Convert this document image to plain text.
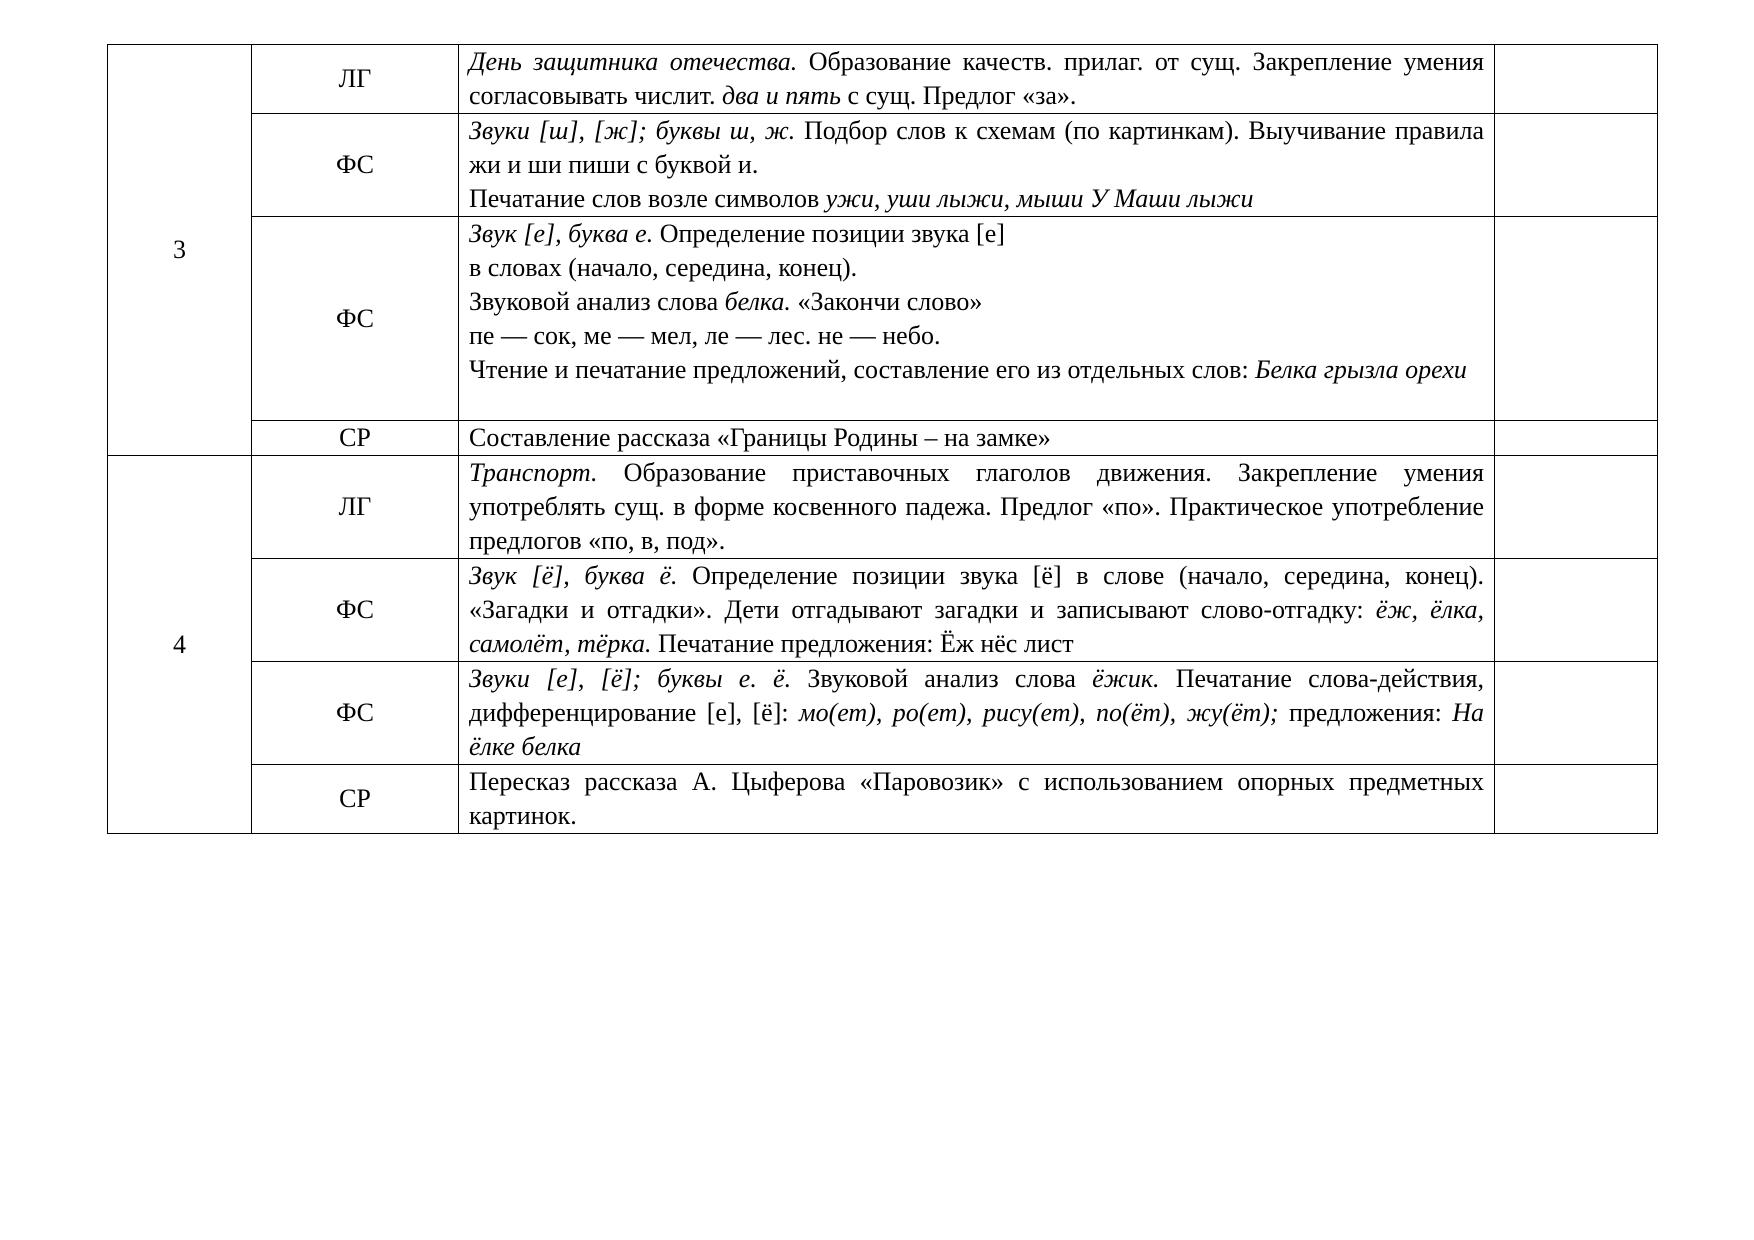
3	ЛГ	День защитника отечества. Образование качеств. прилаг. от сущ. Закрепление умения согласовывать числит. два и пять с сущ. Предлог «за».	

	ФС	Звуки [ш], [ж]; буквы ш, ж. Подбор слов к схемам (по картинкам). Выучивание правила жи и ши пиши с буквой и.

Печатание слов возле символов ужи, уши лыжи, мыши У Маши лыжи	

	ФС	Звук [е], буква е. Определение позиции звука [е]

в словах (начало, середина, конец).

Звуковой анализ слова белка. «Закончи слово»

пе — сок, ме — мел, ле — лес. не — небо.

Чтение и печатание предложений, составление его из отдельных слов: Белка грызла орехи	

	СР	Составление рассказа «Границы Родины – на замке»	

4	ЛГ	Транспорт. Образование приставочных глаголов движения. Закрепление умения употреблять сущ. в форме косвенного падежа. Предлог «по». Практическое употребление предлогов «по, в, под».	

	ФС	Звук [ё], буква ё. Определение позиции звука [ё] в слове (начало, середина, конец). «Загадки и отгадки». Дети отгадывают загадки и записывают слово-отгадку: ёж, ёлка, самолёт, тёрка. Печатание предложения: Ёж нёс лист	

	ФС	Звуки [е], [ё]; буквы е. ё. Звуковой анализ слова ёжик. Печатание слова-действия, дифференцирование [е], [ё]: мо(ет), ро(ет), рису(ет), по(ёт), жу(ёт); предложения: На ёлке белка	

	СР	Пересказ рассказа А. Цыферова «Паровозик» с использованием опорных предметных картинок.	
